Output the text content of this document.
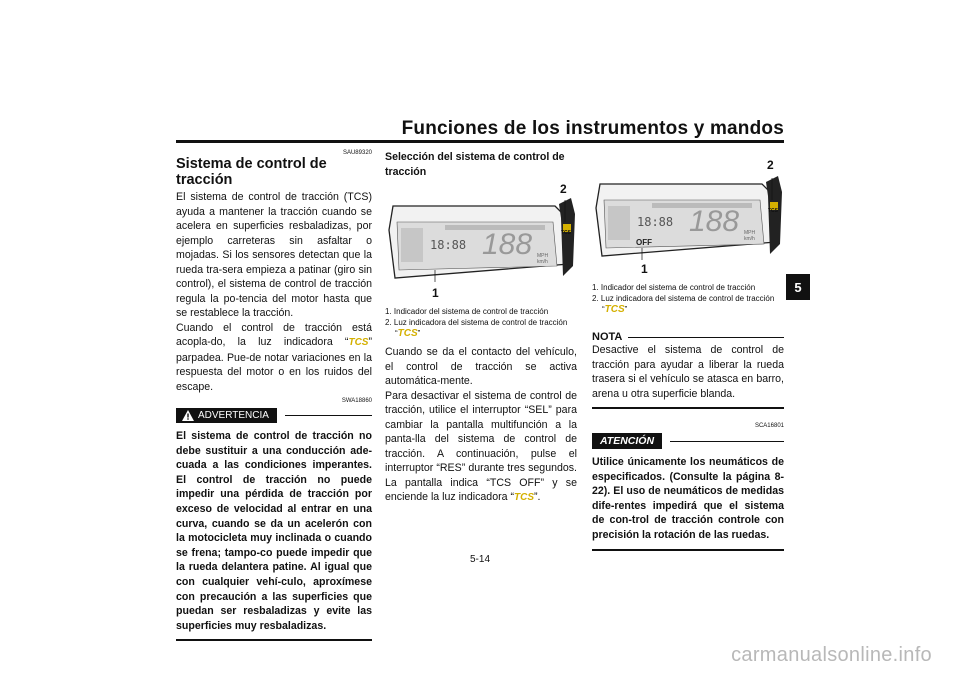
Funciones de los instrumentos y mandos
5
SAU89320
Sistema de control de tracción
El sistema de control de tracción (TCS) ayuda a mantener la tracción cuando se acelera en superficies resbaladizas, por ejemplo carreteras sin asfaltar o mojadas. Si los sensores detectan que la rueda tra-sera empieza a patinar (giro sin control), el sistema de control de tracción regula la po-tencia del motor hasta que se restablece la tracción.
Cuando el control de tracción está acopla-do, la luz indicadora “TCS” parpadea. Pue-de notar variaciones en la respuesta del motor o en los ruidos del escape.
SWA18860
ADVERTENCIA
El sistema de control de tracción no debe sustituir a una conducción ade-cuada a las condiciones imperantes. El control de tracción no puede impedir una pérdida de tracción por exceso de velocidad al entrar en una curva, cuando se da un acelerón con la motocicleta muy inclinada o cuando se frena; tampo-co puede impedir que la rueda delantera patine. Al igual que con cualquier vehí-culo, aproxímese con precaución a las superficies que puedan ser resbaladizas y evite las superficies muy resbaladizas.
Selección del sistema de control de tracción
18:88 188 MPH
km/h
TCS
2
1
1. Indicador del sistema de control de tracción
2. Luz indicadora del sistema de control de tracción “TCS”
Cuando se da el contacto del vehículo, el control de tracción se activa automática-mente.
Para desactivar el sistema de control de tracción, utilice el interruptor “SEL” para cambiar la pantalla multifunción a la panta-lla del sistema de control de tracción. A continuación, pulse el interruptor “RES” durante tres segundos. La pantalla indica “TCS OFF” y se enciende la luz indicadora “TCS”.
18:88 188 MPH
km/h
TCS
OFF
2
1
1. Indicador del sistema de control de tracción
2. Luz indicadora del sistema de control de tracción “TCS”
NOTA
Desactive el sistema de control de tracción para ayudar a liberar la rueda trasera si el vehículo se atasca en barro, arena u otra superficie blanda.
SCA16801
ATENCIÓN
Utilice únicamente los neumáticos de especificados. (Consulte la página 8-22). El uso de neumáticos de medidas dife-rentes impedirá que el sistema de con-trol de tracción controle con precisión la rotación de las ruedas.
5-14
carmanualsonline.info
